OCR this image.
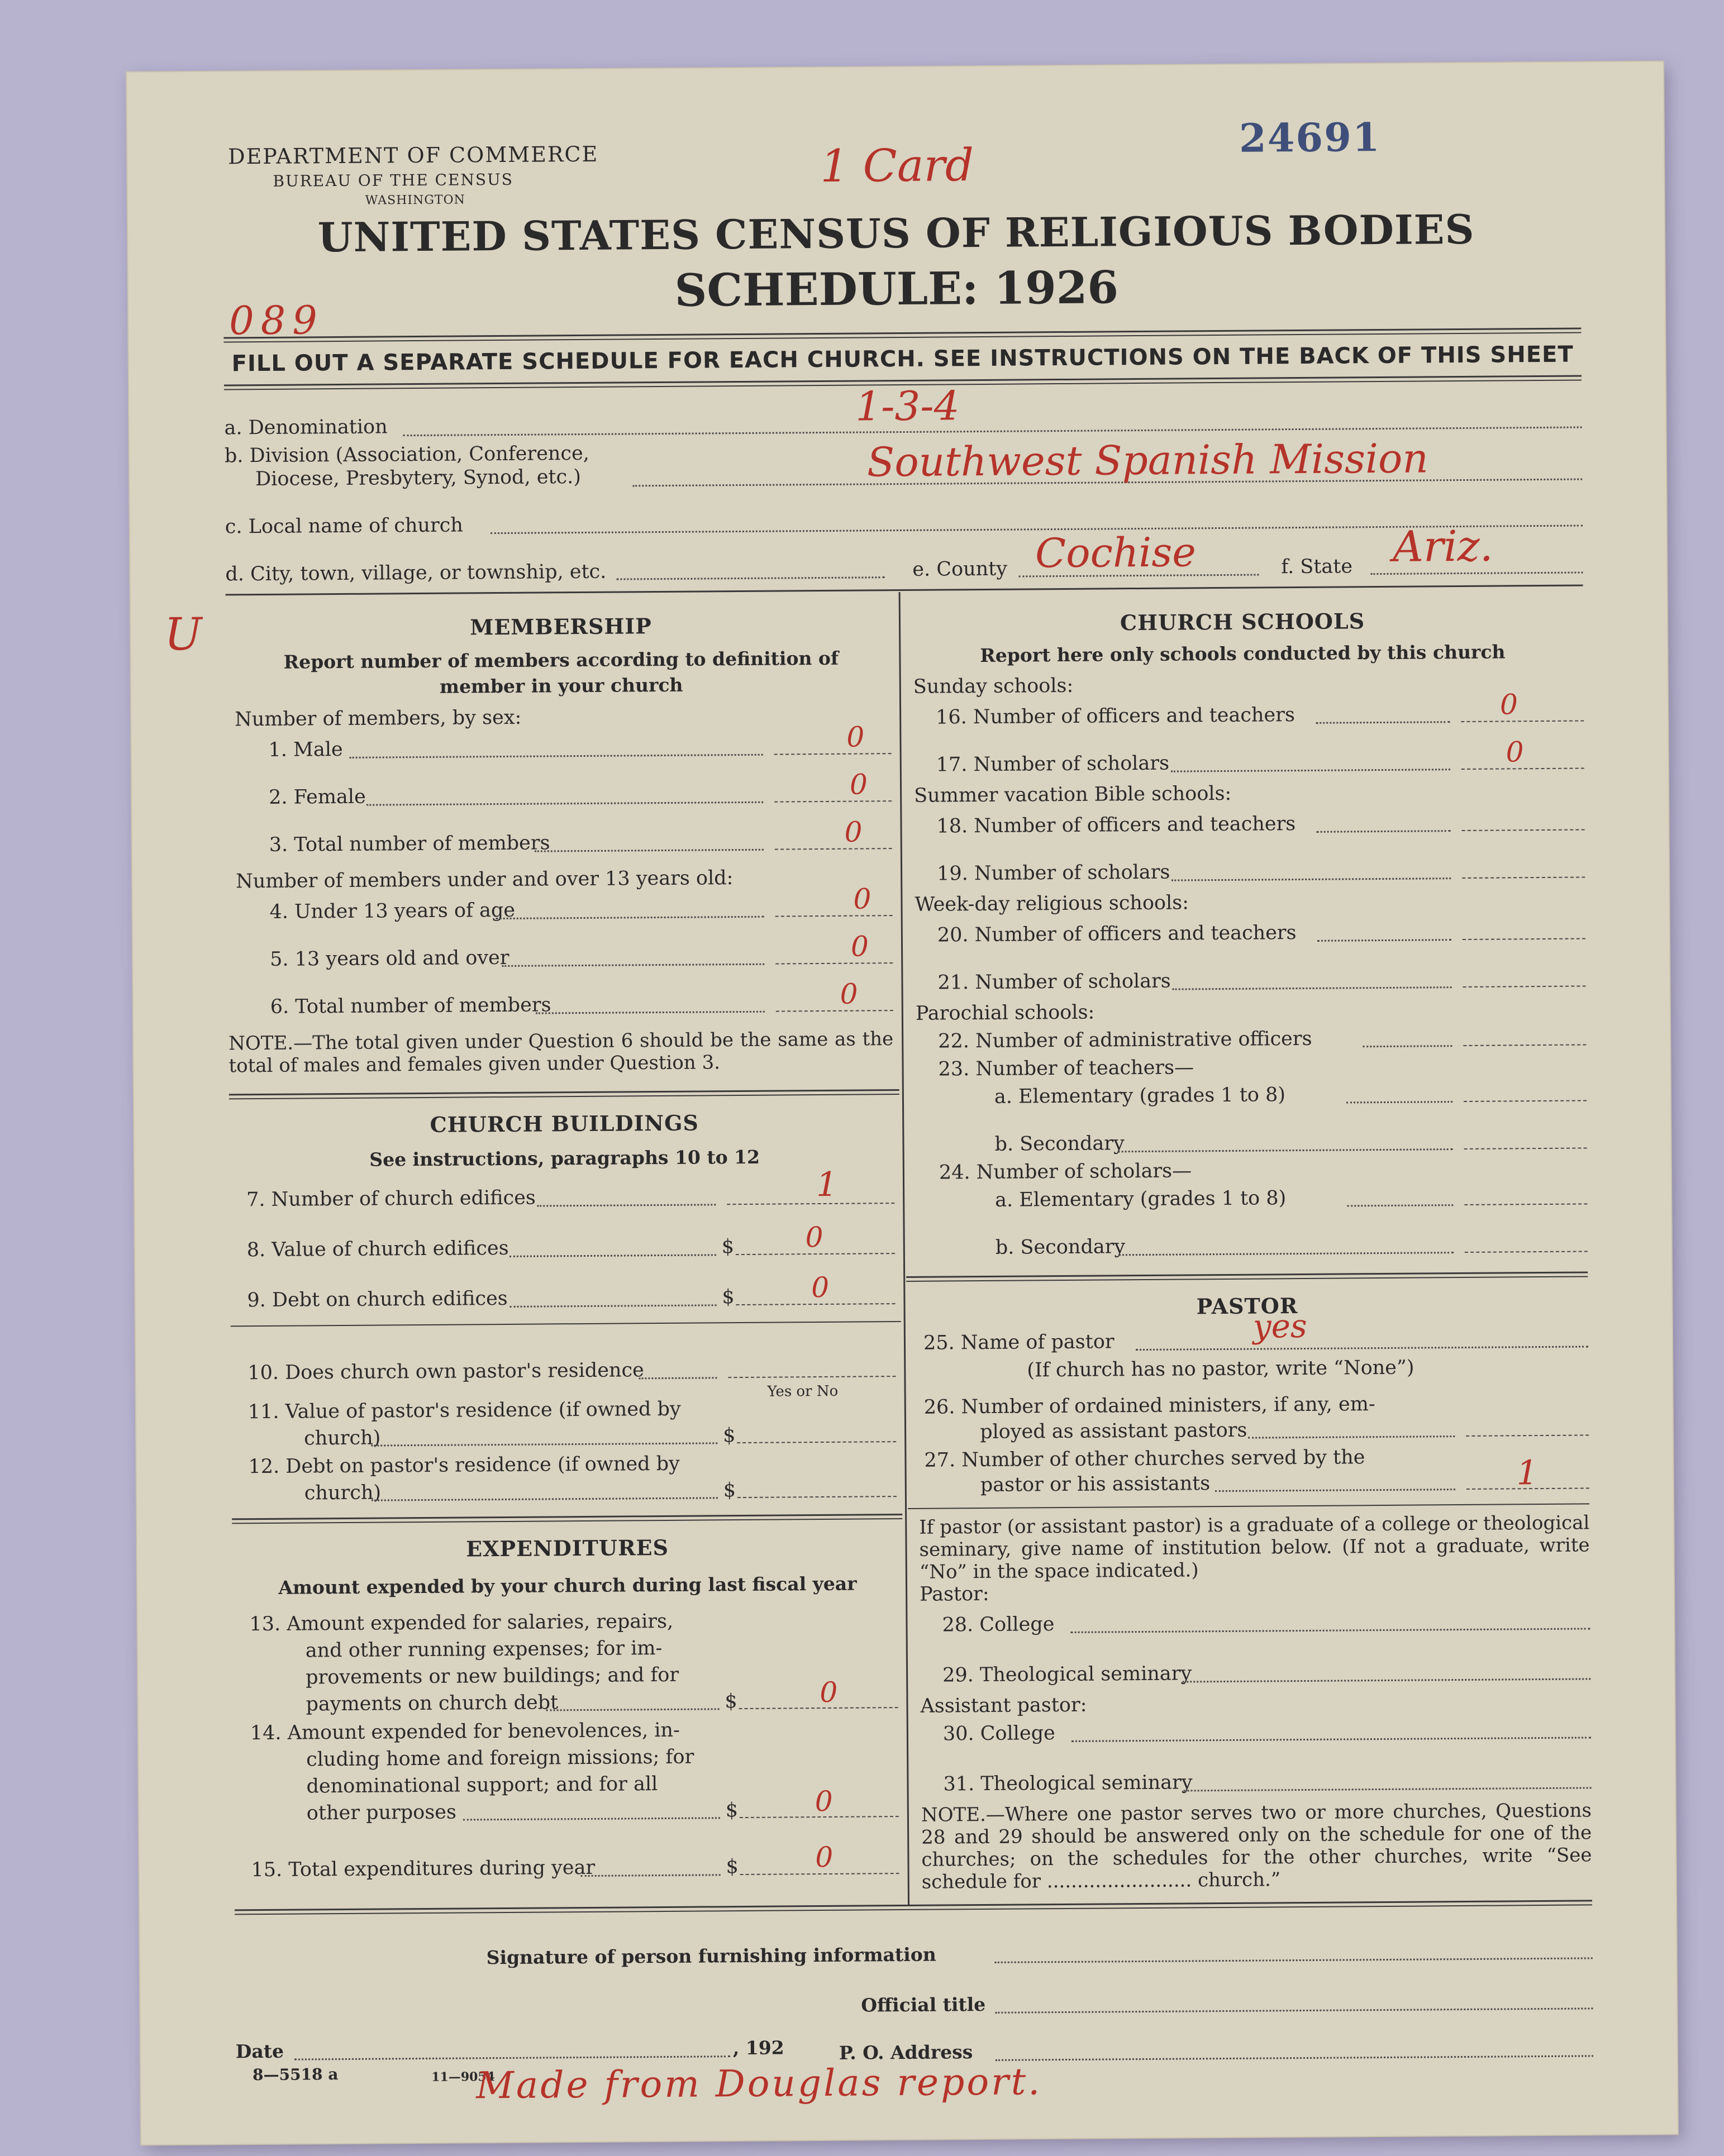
DEPARTMENT OF COMMERCE
BUREAU OF THE CENSUS
WASHINGTON
1 Card
24691
UNITED STATES CENSUS OF RELIGIOUS BODIES
SCHEDULE: 1926
089
FILL OUT A SEPARATE SCHEDULE FOR EACH CHURCH. SEE INSTRUCTIONS ON THE BACK OF THIS SHEET
a. Denomination	1-3-4
b. Division (Association, Conference,
Diocese, Presbytery, Synod, etc.)	Southwest Spanish Mission
c. Local name of church
d. City, town, village, or township, etc.	e. County Cochise	f. State Ariz.
U	MEMBERSHIP
Report number of members according to definition of member in your church
Number of members, by sex:
1. Male	0
2. Female	0
3. Total number of members	0
Number of members under and over 13 years old:
4. Under 13 years of age	0
5. 13 years old and over	0
6. Total number of members	0
NOTE.—The total given under Question 6 should be the same as the total of males and females given under Question 3.
CHURCH BUILDINGS
See instructions, paragraphs 10 to 12
7. Number of church edifices	1
8. Value of church edifices	$	0
9. Debt on church edifices	$	0
10. Does church own pastor's residence
Yes or No
11. Value of pastor's residence (if owned by
church)	$
12. Debt on pastor's residence (if owned by
church)	$
EXPENDITURES
Amount expended by your church during last fiscal year
13. Amount expended for salaries, repairs,
and other running expenses; for im-
provements or new buildings; and for
payments on church debt	$	0
14. Amount expended for benevolences, in-
cluding home and foreign missions; for
denominational support; and for all
other purposes	$	0
15. Total expenditures during year	$	0
CHURCH SCHOOLS
Report here only schools conducted by this church
Sunday schools:
16. Number of officers and teachers	0
17. Number of scholars	0
Summer vacation Bible schools:
18. Number of officers and teachers
19. Number of scholars
Week-day religious schools:
20. Number of officers and teachers
21. Number of scholars
Parochial schools:
22. Number of administrative officers
23. Number of teachers—
a. Elementary (grades 1 to 8)
b. Secondary
24. Number of scholars—
a. Elementary (grades 1 to 8)
b. Secondary
PASTOR
25. Name of pastor	yes
(If church has no pastor, write “None”)
26. Number of ordained ministers, if any, em-
ployed as assistant pastors
27. Number of other churches served by the
pastor or his assistants	1
If pastor (or assistant pastor) is a graduate of a college or theological seminary, give name of institution below. (If not a graduate, write “No” in the space indicated.)
Pastor:
28. College
29. Theological seminary
Assistant pastor:
30. College
31. Theological seminary
NOTE.—Where one pastor serves two or more churches, Questions 28 and 29 should be answered only on the schedule for one of the churches; on the schedules for the other churches, write “See schedule for ........................ church.”
Signature of person furnishing information
Official title
Date	, 192	P. O. Address
8—5518 a	11—9054
Made from Douglas report.
